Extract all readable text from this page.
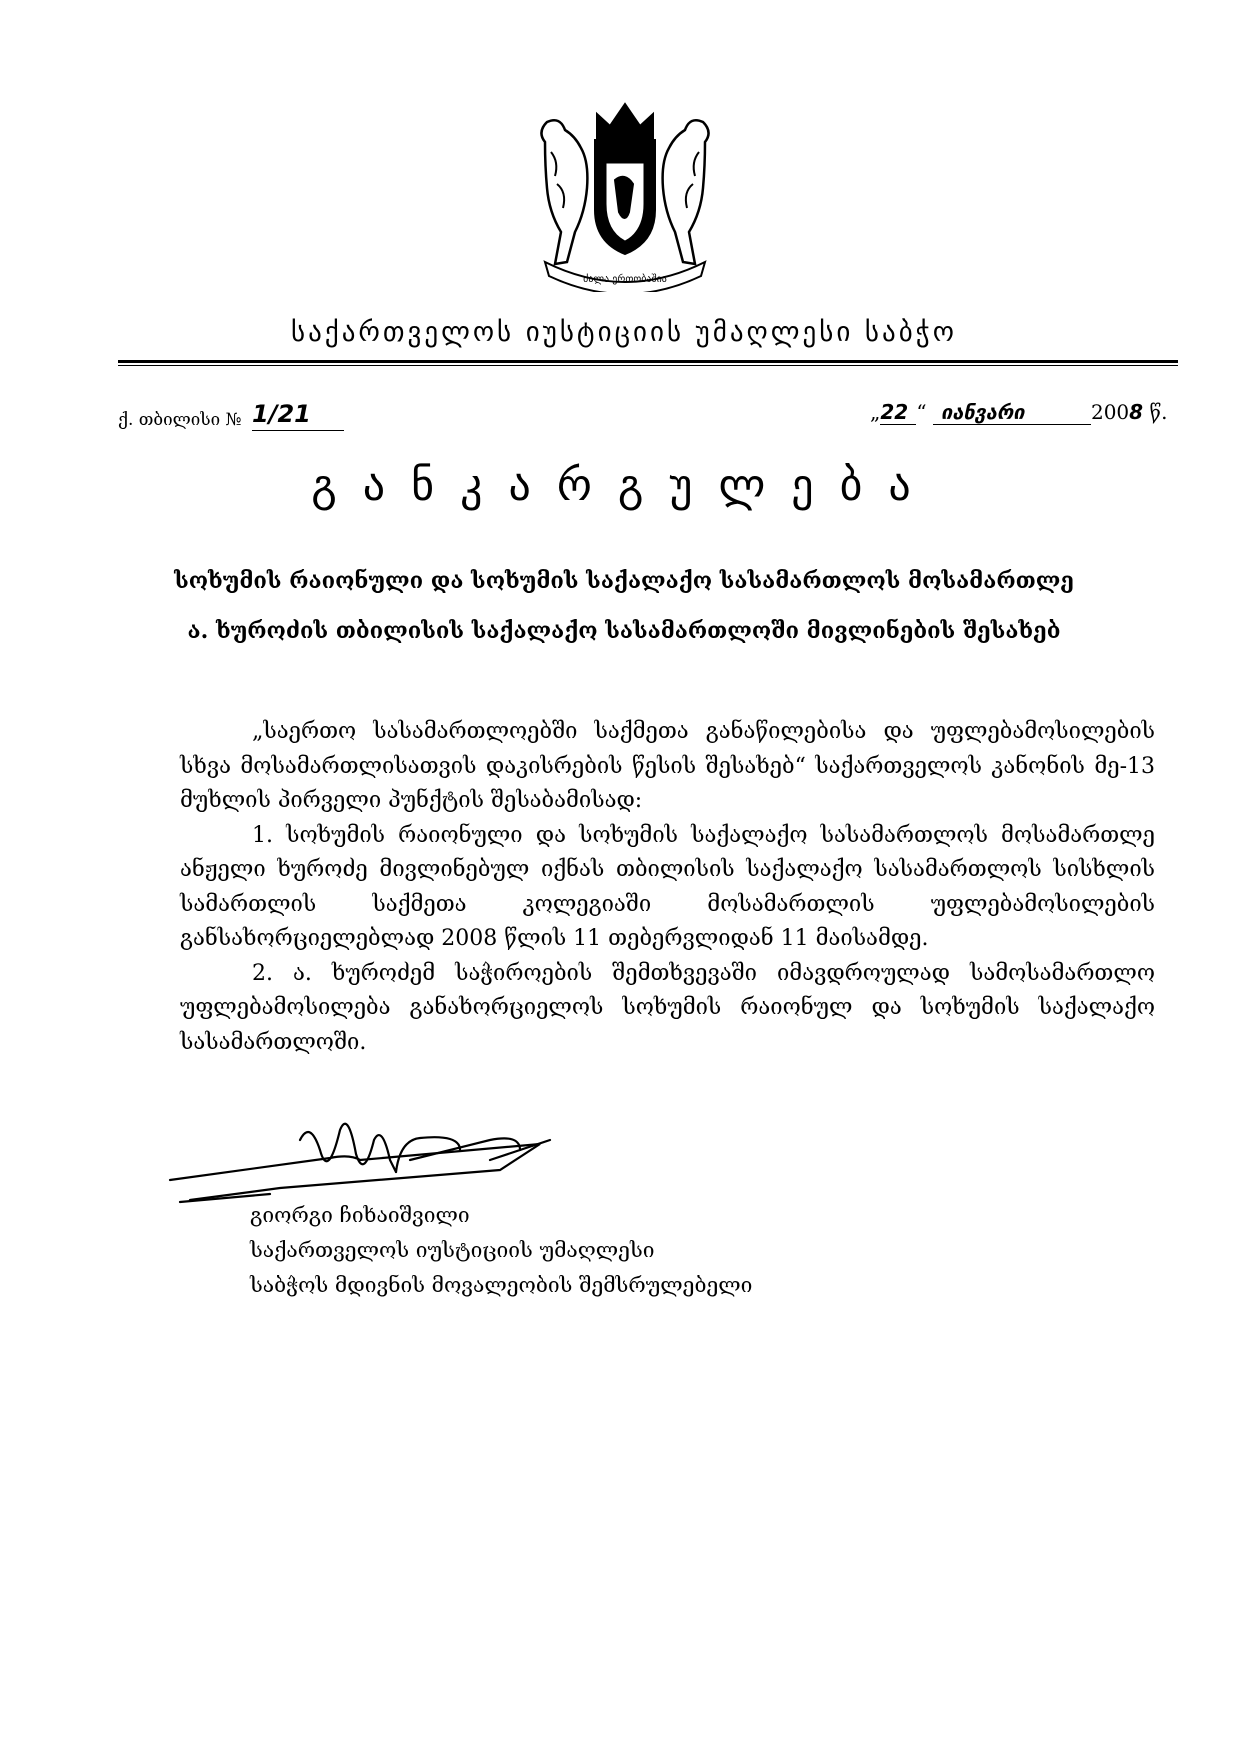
ძალა ერთობაშია
საქართველოს იუსტიციის უმაღლესი საბჭო
ქ. თბილისი № 1/21	„22 “ იანვარი	2008 წ.
განკარგულება
სოხუმის რაიონული და სოხუმის საქალაქო სასამართლოს მოსამართლე
ა. ხუროძის თბილისის საქალაქო სასამართლოში მივლინების შესახებ

„საერთო სასამართლოებში საქმეთა განაწილებისა და უფლებამოსილების სხვა მოსამართლისათვის დაკისრების წესის შესახებ“ საქართველოს კანონის მე-13 მუხლის პირველი პუნქტის შესაბამისად:

1. სოხუმის რაიონული და სოხუმის საქალაქო სასამართლოს მოსამართლე ანჟელი ხუროძე მივლინებულ იქნას თბილისის საქალაქო სასამართლოს სისხლის სამართლის საქმეთა კოლეგიაში მოსამართლის უფლებამოსილების განსახორციელებლად 2008 წლის 11 თებერვლიდან 11 მაისამდე.

2. ა. ხუროძემ საჭიროების შემთხვევაში იმავდროულად სამოსამართლო უფლებამოსილება განახორციელოს სოხუმის რაიონულ და სოხუმის საქალაქო სასამართლოში.

გიორგი ჩიხაიშვილი
საქართველოს იუსტიციის უმაღლესი
საბჭოს მდივნის მოვალეობის შემსრულებელი
